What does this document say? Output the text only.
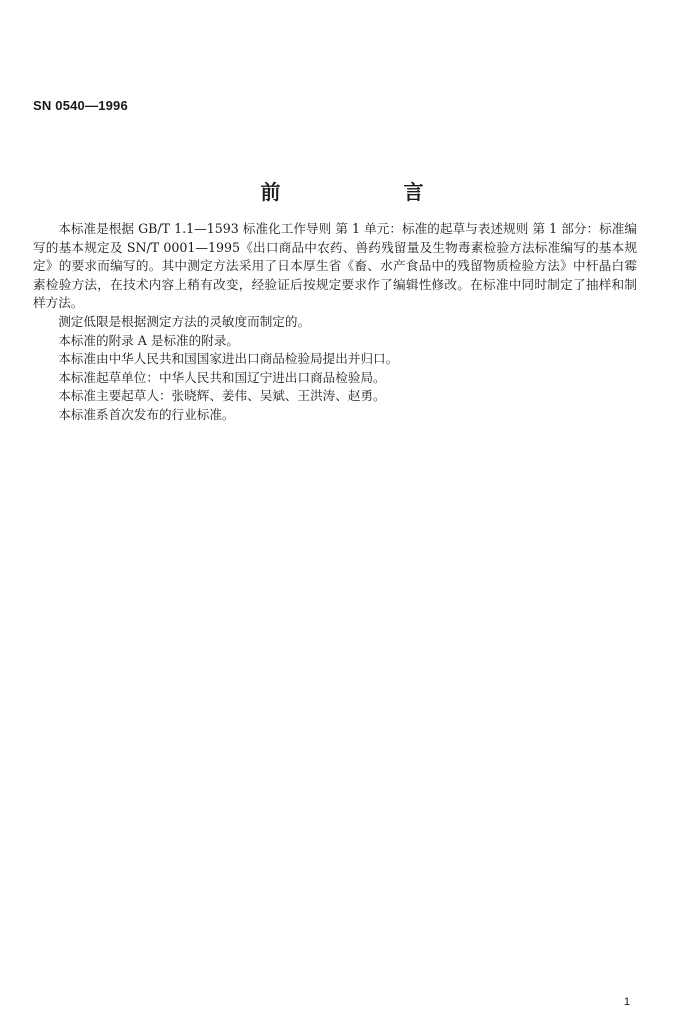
SN 0540—1996
前 言

本标准是根据 GB/T 1.1—1593 标准化工作导则 第 1 单元：标准的起草与表述规则 第 1 部分：标准编写的基本规定及 SN/T 0001—1995《出口商品中农药、兽药残留量及生物毒素检验方法标准编写的基本规定》的要求而编写的。其中测定方法采用了日本厚生省《畜、水产食品中的残留物质检验方法》中杆晶白霉素检验方法，在技术内容上稍有改变，经验证后按规定要求作了编辑性修改。在标准中同时制定了抽样和制样方法。

测定低限是根据测定方法的灵敏度而制定的。

本标准的附录 A 是标准的附录。

本标准由中华人民共和国国家进出口商品检验局提出并归口。

本标准起草单位：中华人民共和国辽宁进出口商品检验局。

本标准主要起草人：张晓辉、姜伟、吴斌、王洪涛、赵勇。

本标准系首次发布的行业标准。

1
